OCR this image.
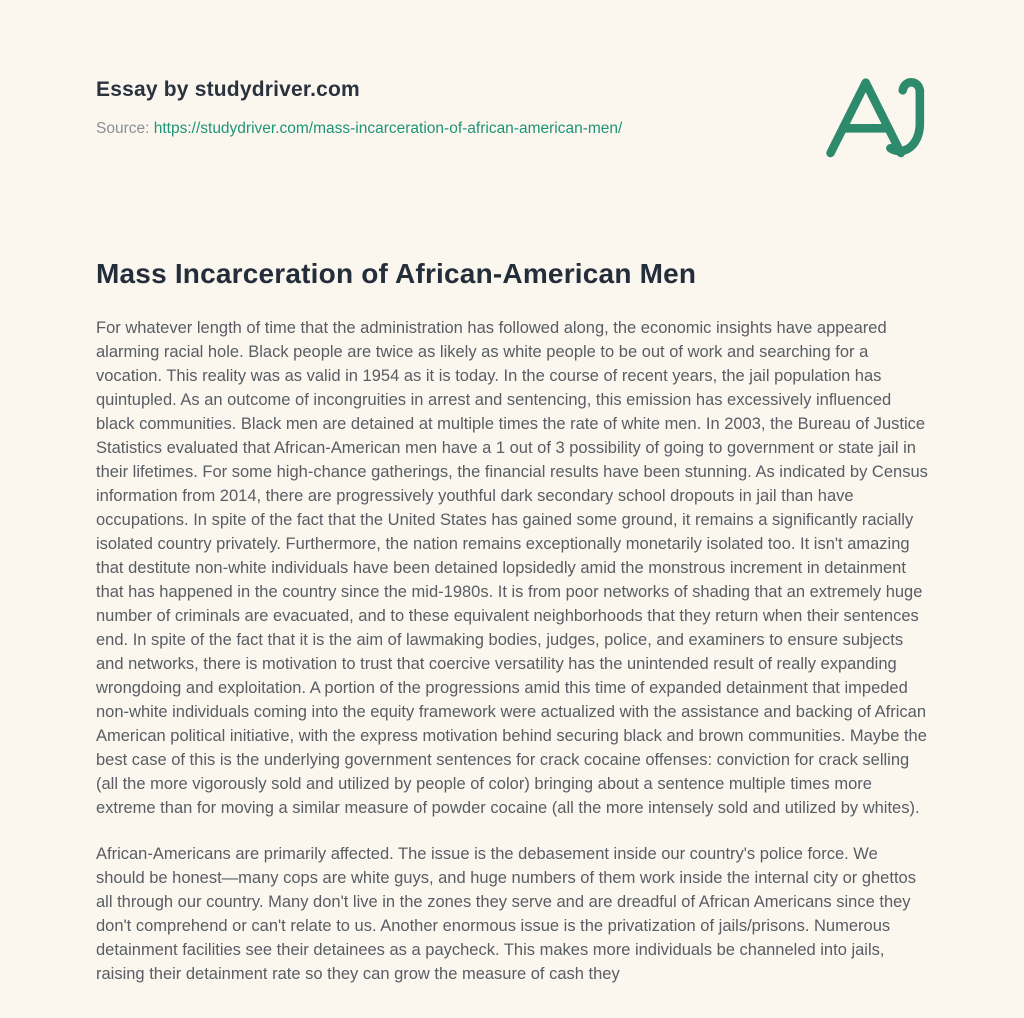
Essay by studydriver.com
Source: https://studydriver.com/mass-incarceration-of-african-american-men/
Mass Incarceration of African-American Men

For whatever length of time that the administration has followed along, the economic insights have appeared alarming racial hole. Black people are twice as likely as white people to be out of work and searching for a vocation. This reality was as valid in 1954 as it is today. In the course of recent years, the jail population has quintupled. As an outcome of incongruities in arrest and sentencing, this emission has excessively influenced black communities. Black men are detained at multiple times the rate of white men. In 2003, the Bureau of Justice Statistics evaluated that African-American men have a 1 out of 3 possibility of going to government or state jail in their lifetimes. For some high-chance gatherings, the financial results have been stunning. As indicated by Census information from 2014, there are progressively youthful dark secondary school dropouts in jail than have occupations. In spite of the fact that the United States has gained some ground, it remains a significantly racially isolated country privately. Furthermore, the nation remains exceptionally monetarily isolated too. It isn't amazing that destitute non-white individuals have been detained lopsidedly amid the monstrous increment in detainment that has happened in the country since the mid-1980s. It is from poor networks of shading that an extremely huge number of criminals are evacuated, and to these equivalent neighborhoods that they return when their sentences end. In spite of the fact that it is the aim of lawmaking bodies, judges, police, and examiners to ensure subjects and networks, there is motivation to trust that coercive versatility has the unintended result of really expanding wrongdoing and exploitation. A portion of the progressions amid this time of expanded detainment that impeded non-white individuals coming into the equity framework were actualized with the assistance and backing of African American political initiative, with the express motivation behind securing black and brown communities. Maybe the best case of this is the underlying government sentences for crack cocaine offenses: conviction for crack selling (all the more vigorously sold and utilized by people of color) bringing about a sentence multiple times more extreme than for moving a similar measure of powder cocaine (all the more intensely sold and utilized by whites).

African-Americans are primarily affected. The issue is the debasement inside our country's police force. We should be honest—many cops are white guys, and huge numbers of them work inside the internal city or ghettos all through our country. Many don't live in the zones they serve and are dreadful of African Americans since they don't comprehend or can't relate to us. Another enormous issue is the privatization of jails/prisons. Numerous detainment facilities see their detainees as a paycheck. This makes more individuals be channeled into jails, raising their detainment rate so they can grow the measure of cash they
